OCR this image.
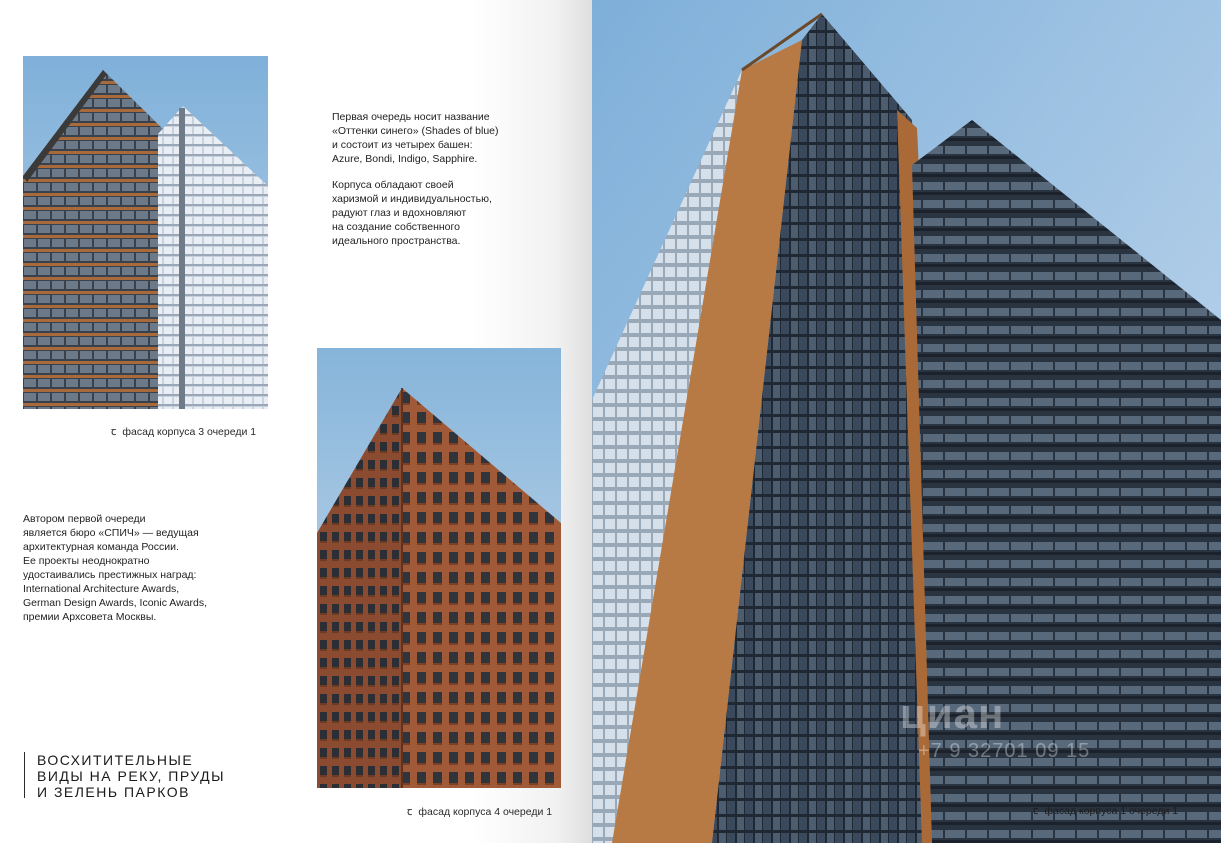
ꞇ фасад корпуса 3 очереди 1

Первая очередь носит название
«Оттенки синего» (Shades of blue)
и состоит из четырех башен:
Azure, Bondi, Indigo, Sapphire.

Корпуса обладают своей
харизмой и индивидуальностью,
радуют глаз и вдохновляют
на создание собственного
идеального пространства.

ꞇ фасад корпуса 4 очереди 1

Автором первой очереди
является бюро «СПИЧ» — ведущая
архитектурная команда России.
Ее проекты неоднократно
удостаивались престижных наград:
International Architecture Awards,
German Design Awards, Iconic Awards,
премии Архсовета Москвы.

ВОСХИТИТЕЛЬНЫЕ
ВИДЫ НА РЕКУ, ПРУДЫ
И ЗЕЛЕНЬ ПАРКОВ
ꞇ фасад корпуса 1 очереди 1
циан
+7 9 32701 09 15
